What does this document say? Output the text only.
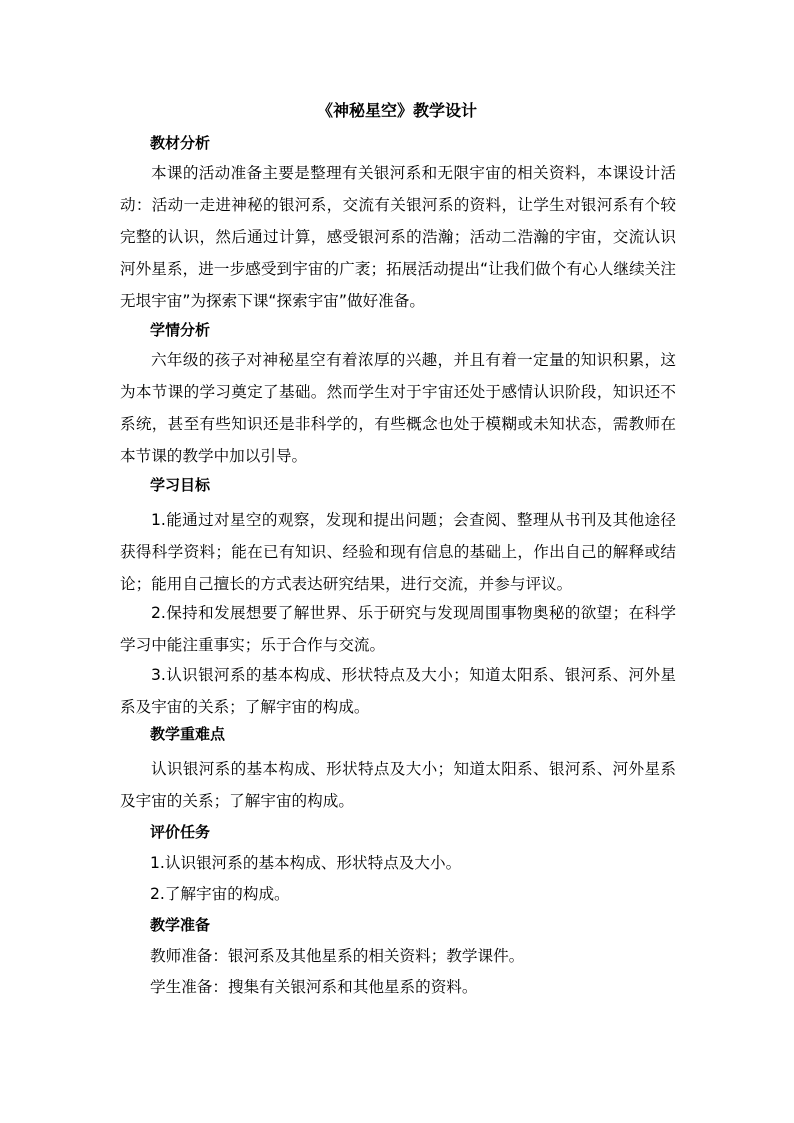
《神秘星空》教学设计
教材分析

本课的活动准备主要是整理有关银河系和无限宇宙的相关资料，本课设计活动：活动一走进神秘的银河系，交流有关银河系的资料，让学生对银河系有个较完整的认识，然后通过计算，感受银河系的浩瀚；活动二浩瀚的宇宙，交流认识河外星系，进一步感受到宇宙的广袤；拓展活动提出“让我们做个有心人继续关注无垠宇宙”为探索下课“探索宇宙”做好准备。

学情分析

六年级的孩子对神秘星空有着浓厚的兴趣，并且有着一定量的知识积累，这为本节课的学习奠定了基础。然而学生对于宇宙还处于感情认识阶段，知识还不系统，甚至有些知识还是非科学的，有些概念也处于模糊或未知状态，需教师在本节课的教学中加以引导。

学习目标

1.能通过对星空的观察，发现和提出问题；会查阅、整理从书刊及其他途径获得科学资料；能在已有知识、经验和现有信息的基础上，作出自己的解释或结论；能用自己擅长的方式表达研究结果，进行交流，并参与评议。

2.保持和发展想要了解世界、乐于研究与发现周围事物奥秘的欲望；在科学学习中能注重事实；乐于合作与交流。

3.认识银河系的基本构成、形状特点及大小；知道太阳系、银河系、河外星系及宇宙的关系；了解宇宙的构成。

教学重难点

认识银河系的基本构成、形状特点及大小；知道太阳系、银河系、河外星系及宇宙的关系；了解宇宙的构成。

评价任务
1.认识银河系的基本构成、形状特点及大小。
2.了解宇宙的构成。
教学准备
教师准备：银河系及其他星系的相关资料；教学课件。
学生准备：搜集有关银河系和其他星系的资料。
